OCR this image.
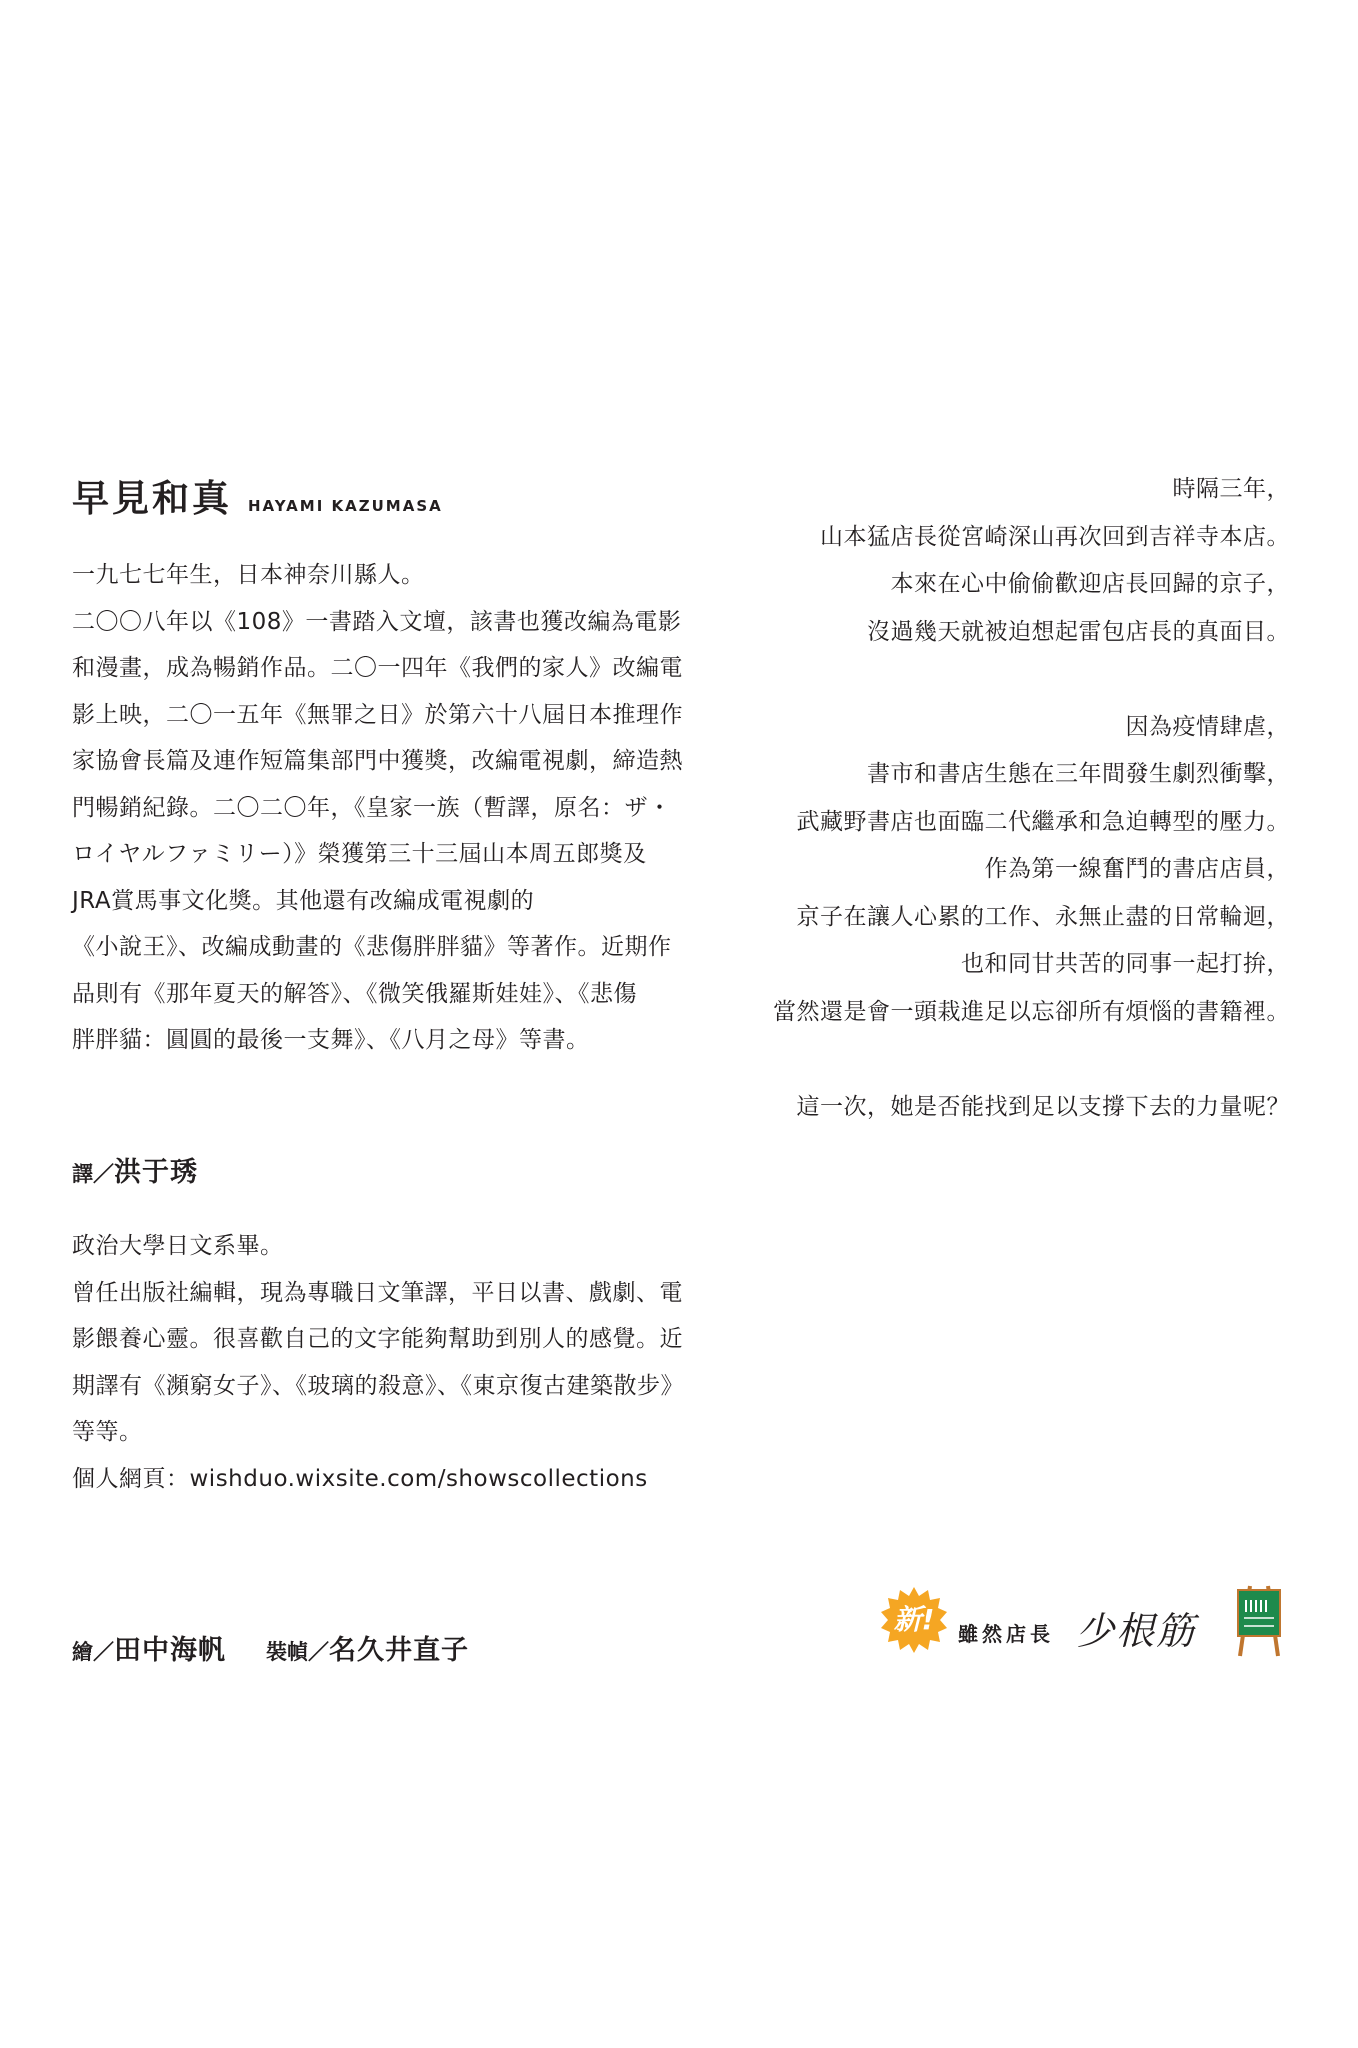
早見和真 HAYAMI KAZUMASA
一九七七年生，日本神奈川縣人。
二〇〇八年以《108》一書踏入文壇，該書也獲改編為電影
和漫畫，成為暢銷作品。二〇一四年《我們的家人》改編電
影上映，二〇一五年《無罪之日》於第六十八屆日本推理作
家協會長篇及連作短篇集部門中獲獎，改編電視劇，締造熱
門暢銷紀錄。二〇二〇年，《皇家一族（暫譯，原名：ザ・
ロイヤルファミリー）》榮獲第三十三屆山本周五郎獎及
JRA賞馬事文化獎。其他還有改編成電視劇的
《小說王》、改編成動畫的《悲傷胖胖貓》等著作。近期作
品則有《那年夏天的解答》、《微笑俄羅斯娃娃》、《悲傷
胖胖貓：圓圓的最後一支舞》、《八月之母》等書。
譯／ 洪于琇
政治大學日文系畢。
曾任出版社編輯，現為專職日文筆譯，平日以書、戲劇、電
影餵養心靈。很喜歡自己的文字能夠幫助到別人的感覺。近
期譯有《瀕窮女子》、《玻璃的殺意》、《東京復古建築散步》
等等。
個人網頁：wishduo.wixsite.com/showscollections
繪／ 田中海帆 裝幀／ 名久井直子
時隔三年，
山本猛店長從宮崎深山再次回到吉祥寺本店。
本來在心中偷偷歡迎店長回歸的京子，
沒過幾天就被迫想起雷包店長的真面目。
因為疫情肆虐，
書市和書店生態在三年間發生劇烈衝擊，
武藏野書店也面臨二代繼承和急迫轉型的壓力。
作為第一線奮鬥的書店店員，
京子在讓人心累的工作、永無止盡的日常輪迴，
也和同甘共苦的同事一起打拚，
當然還是會一頭栽進足以忘卻所有煩惱的書籍裡。
這一次，她是否能找到足以支撐下去的力量呢？
新!	雖然店長 少根筋
